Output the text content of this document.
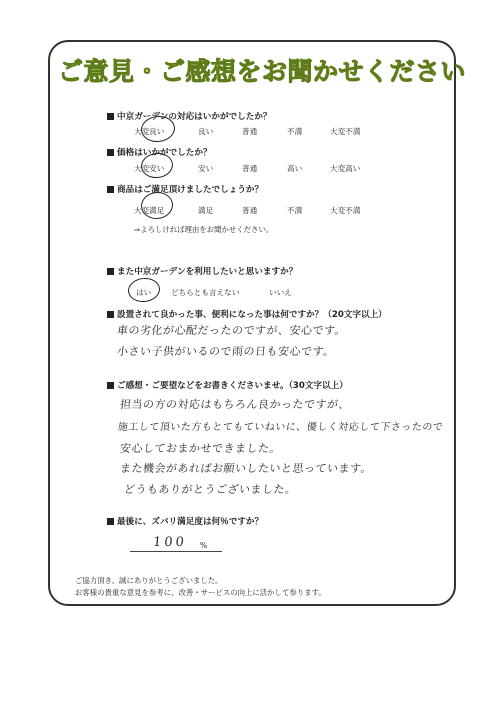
ご意見・ご感想をお聞かせください
中京ガーデンの対応はいかがでしたか？
大変良い	良い	普通	不満	大変不満
価格はいかがでしたか？
大変安い	安い	普通	高い	大変高い
商品はご満足頂けましたでしょうか？
大変満足	満足	普通	不満	大変不満
⇒よろしければ理由をお聞かせください。
また中京ガーデンを利用したいと思いますか？
はい	どちらとも言えない	いいえ
設置されて良かった事、便利になった事は何ですか？（20文字以上）
車の劣化が心配だったのですが、安心です。
小さい子供がいるので雨の日も安心です。
ご感想・ご要望などをお書きくださいませ。（30文字以上）
担当の方の対応はもちろん良かったですが、
施工して頂いた方もとてもていねいに、優しく対応して下さったので
安心しておまかせできました。
また機会があればお願いしたいと思っています。
どうもありがとうございました。
最後に、ズバリ満足度は何％ですか？
100 %
ご協力頂き、誠にありがとうございました。
お客様の貴重な意見を参考に、改善・サービスの向上に活かして参ります。
